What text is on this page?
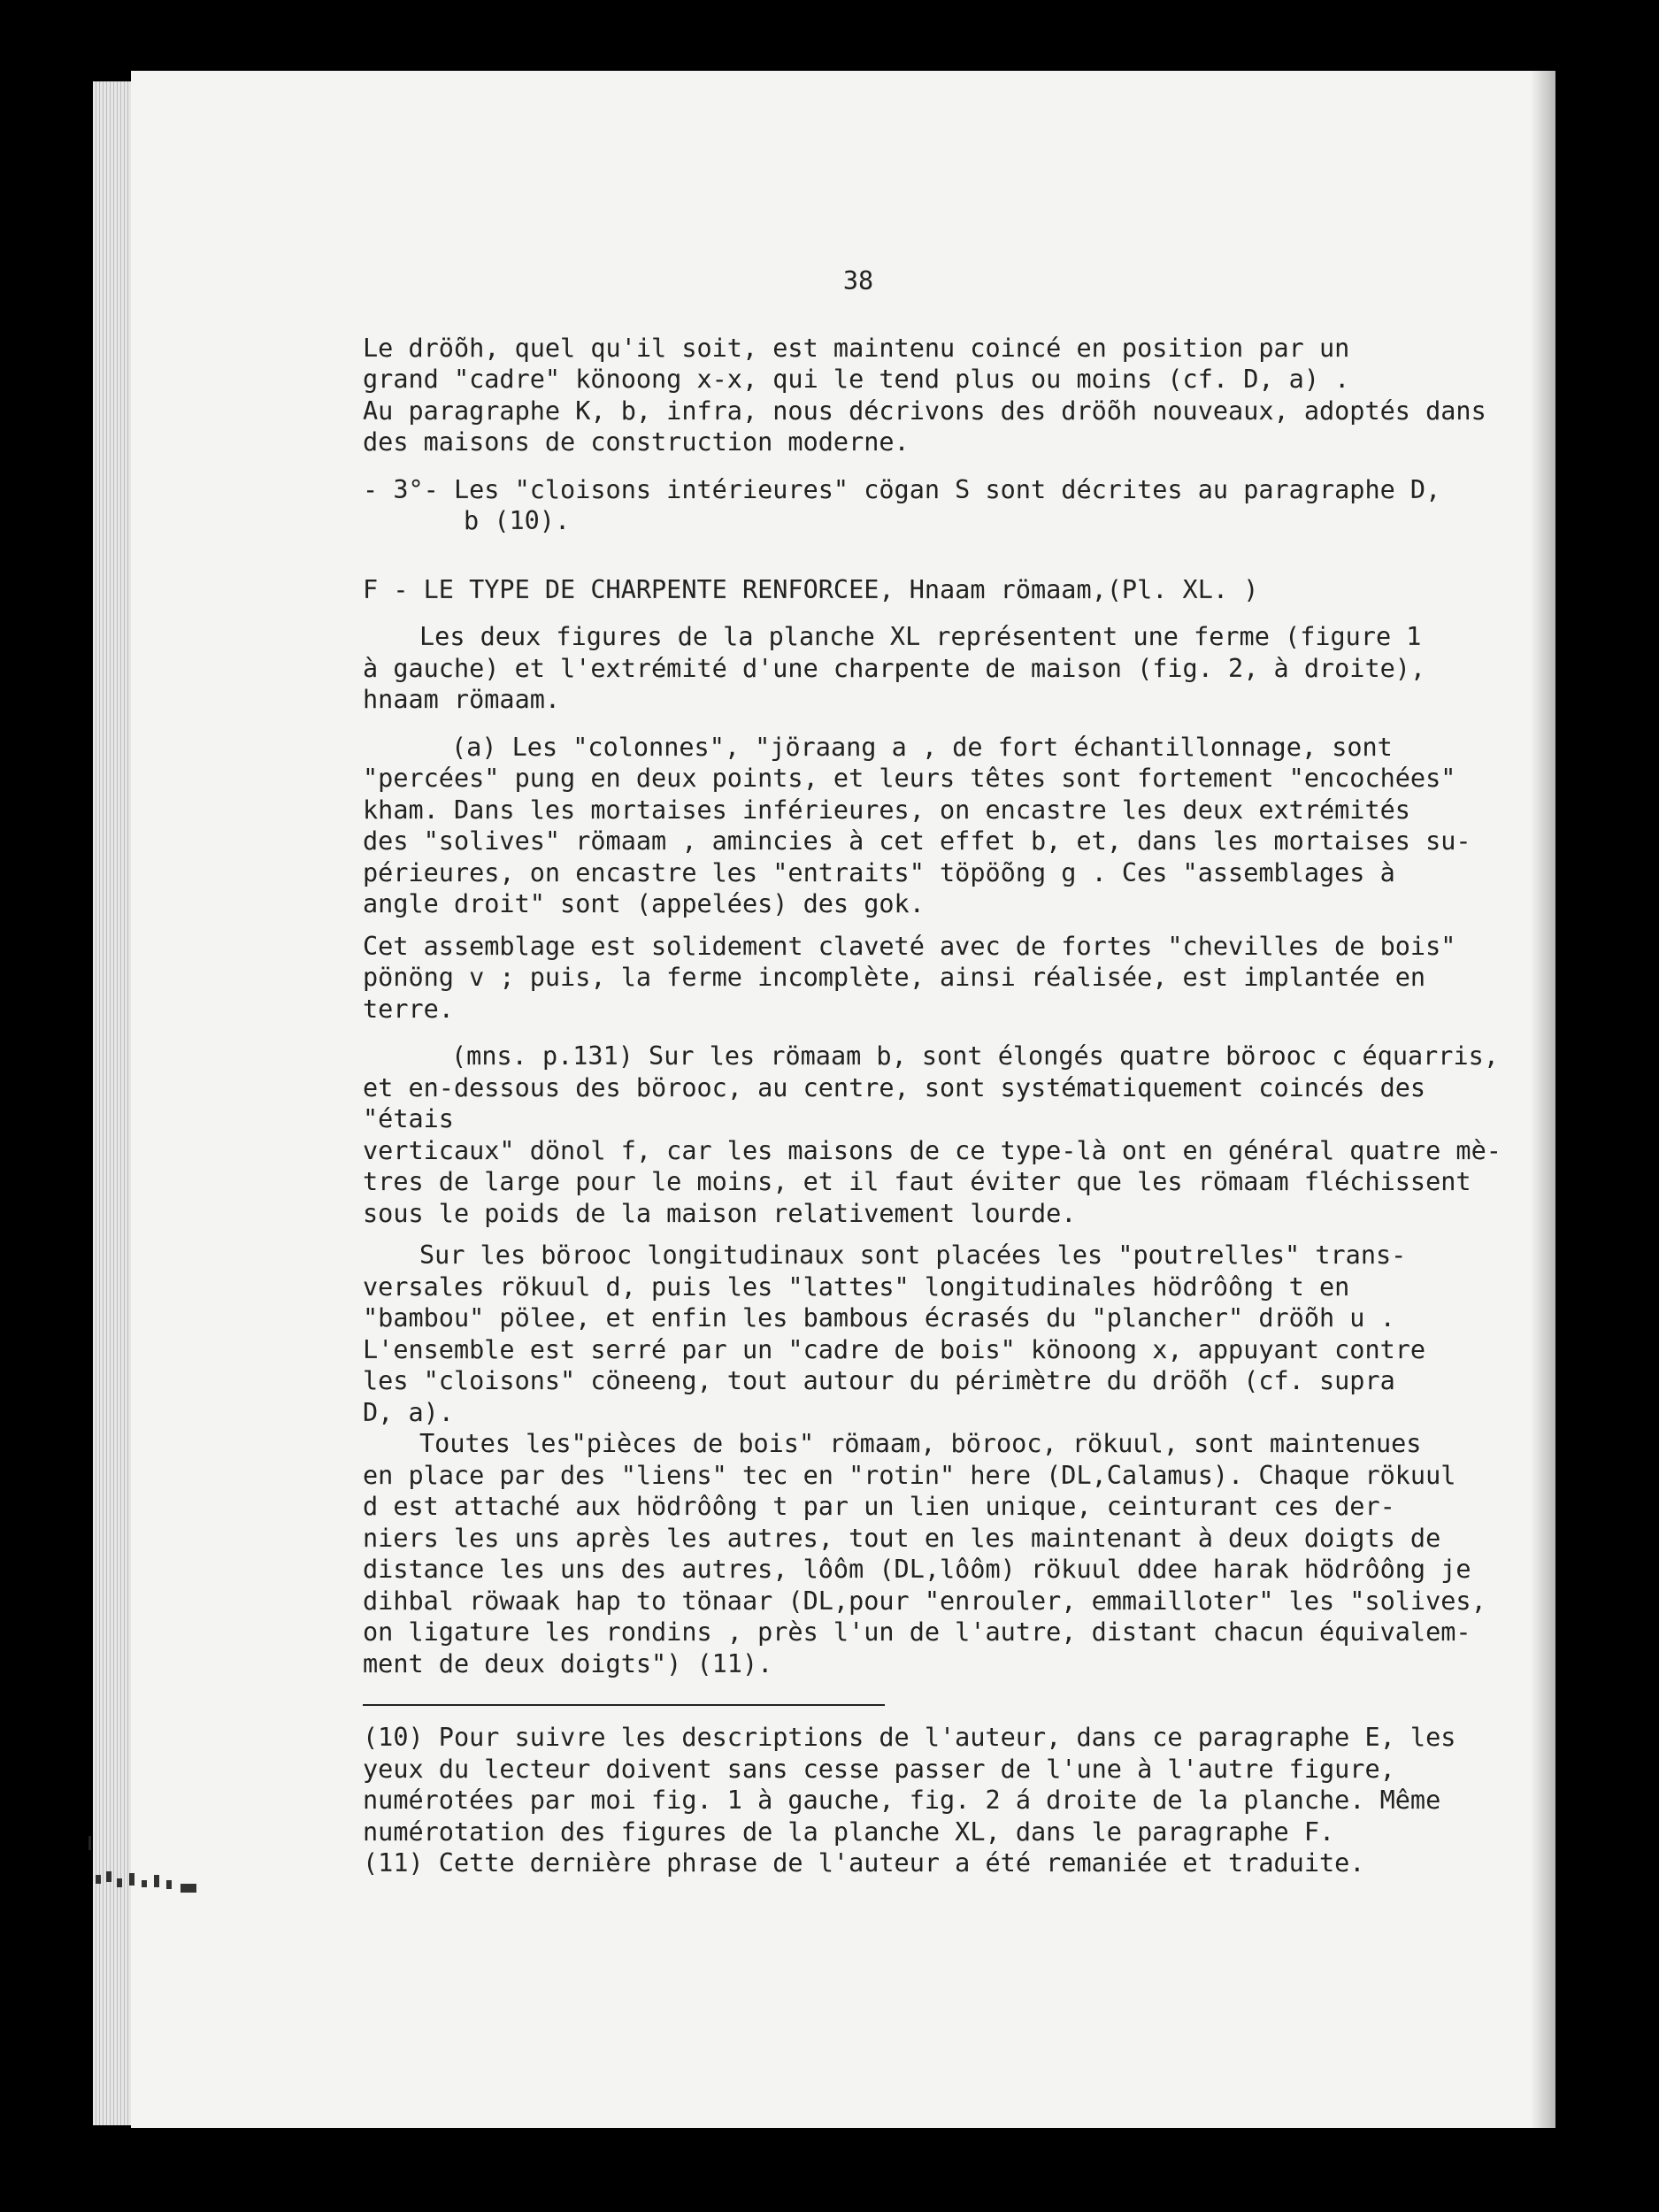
38

Le dröõh, quel qu'il soit, est maintenu coincé en position par un
grand "cadre" könoong x-x, qui le tend plus ou moins (cf. D, a) .
Au paragraphe K, b, infra, nous décrivons des dröõh nouveaux, adoptés dans
des maisons de construction moderne.

- 3°- Les "cloisons intérieures" cögan S sont décrites au paragraphe D,
b (10).

F - LE TYPE DE CHARPENTE RENFORCEE, Hnaam römaam,(Pl. XL. )

Les deux figures de la planche XL représentent une ferme (figure 1
à gauche) et l'extrémité d'une charpente de maison (fig. 2, à droite),
hnaam römaam.

(a) Les "colonnes", "jöraang a , de fort échantillonnage, sont
"percées" pung en deux points, et leurs têtes sont fortement "encochées"
kham. Dans les mortaises inférieures, on encastre les deux extrémités
des "solives" römaam , amincies à cet effet b, et, dans les mortaises su-
périeures, on encastre les "entraits" töpöõng g . Ces "assemblages à
angle droit" sont (appelées) des gok.

Cet assemblage est solidement claveté avec de fortes "chevilles de bois"
pönöng v ; puis, la ferme incomplète, ainsi réalisée, est implantée en
terre.

(mns. p.131) Sur les römaam b, sont élongés quatre börooc c équarris,
et en-dessous des börooc, au centre, sont systématiquement coincés des "étais
verticaux" dönol f, car les maisons de ce type-là ont en général quatre mè-
tres de large pour le moins, et il faut éviter que les römaam fléchissent
sous le poids de la maison relativement lourde.

Sur les börooc longitudinaux sont placées les "poutrelles" trans-
versales rökuul d, puis les "lattes" longitudinales hödrôông t en
"bambou" pölee, et enfin les bambous écrasés du "plancher" dröõh u .
L'ensemble est serré par un "cadre de bois" könoong x, appuyant contre
les "cloisons" cöneeng, tout autour du périmètre du dröõh (cf. supra
D, a).

Toutes les"pièces de bois" römaam, börooc, rökuul, sont maintenues
en place par des "liens" tec en "rotin" here (DL,Calamus). Chaque rökuul
d est attaché aux hödrôông t par un lien unique, ceinturant ces der-
niers les uns après les autres, tout en les maintenant à deux doigts de
distance les uns des autres, lôôm (DL,lôôm) rökuul ddee harak hödrôông je
dihbal röwaak hap to tönaar (DL,pour "enrouler, emmailloter" les "solives,
on ligature les rondins , près l'un de l'autre, distant chacun équivalem-
ment de deux doigts") (11).

(10) Pour suivre les descriptions de l'auteur, dans ce paragraphe E, les
yeux du lecteur doivent sans cesse passer de l'une à l'autre figure,
numérotées par moi fig. 1 à gauche, fig. 2 á droite de la planche. Même
numérotation des figures de la planche XL, dans le paragraphe F.

(11) Cette dernière phrase de l'auteur a été remaniée et traduite.
